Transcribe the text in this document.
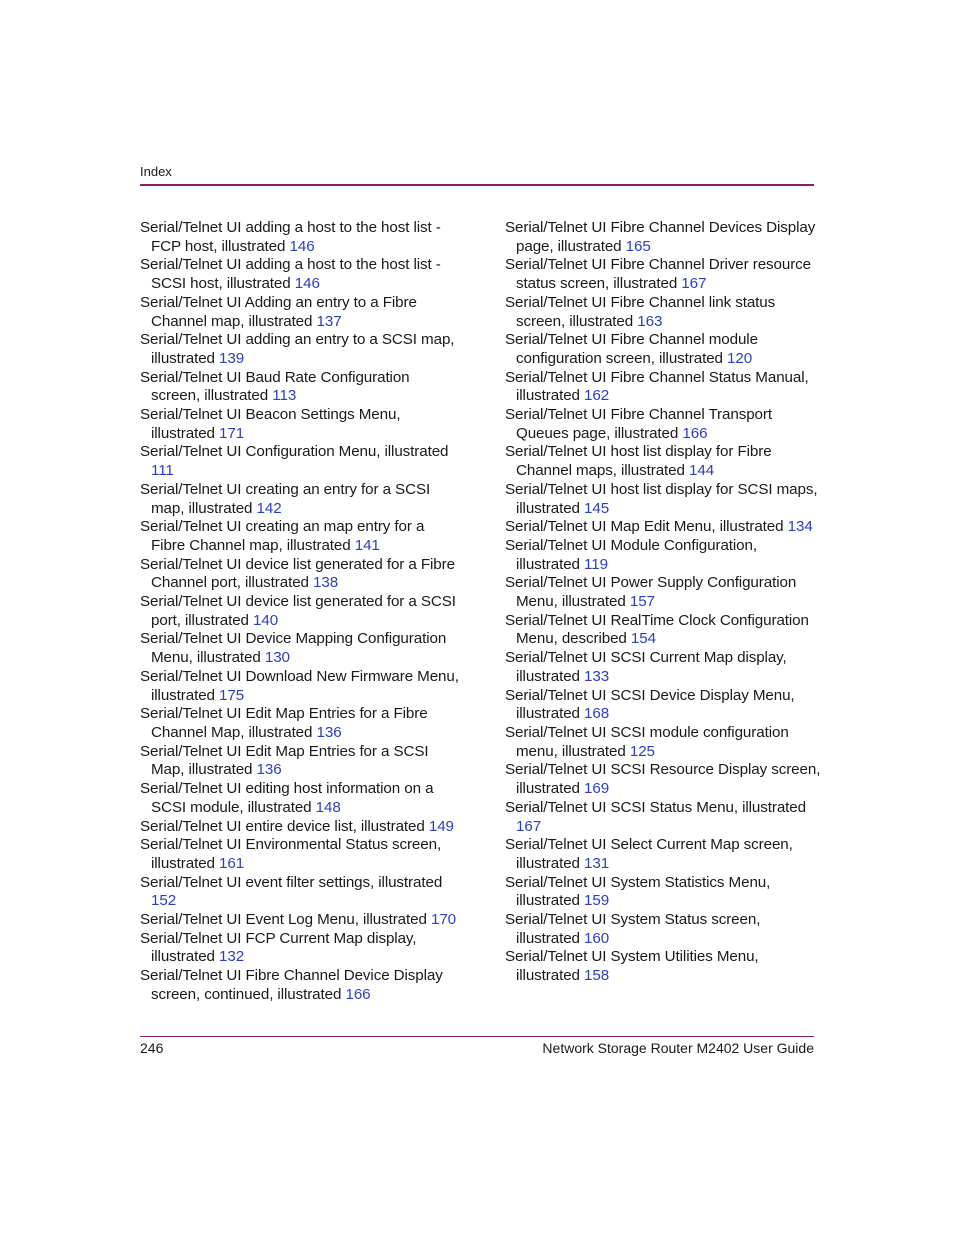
Index
Serial/Telnet UI adding a host to the host list - FCP host, illustrated 146
Serial/Telnet UI adding a host to the host list - SCSI host, illustrated 146
Serial/Telnet UI Adding an entry to a Fibre Channel map, illustrated 137
Serial/Telnet UI adding an entry to a SCSI map, illustrated 139
Serial/Telnet UI Baud Rate Configuration screen, illustrated 113
Serial/Telnet UI Beacon Settings Menu, illustrated 171
Serial/Telnet UI Configuration Menu, illustrated 111
Serial/Telnet UI creating an entry for a SCSI map, illustrated 142
Serial/Telnet UI creating an map entry for a Fibre Channel map, illustrated 141
Serial/Telnet UI device list generated for a Fibre Channel port, illustrated 138
Serial/Telnet UI device list generated for a SCSI port, illustrated 140
Serial/Telnet UI Device Mapping Configuration Menu, illustrated 130
Serial/Telnet UI Download New Firmware Menu, illustrated 175
Serial/Telnet UI Edit Map Entries for a Fibre Channel Map, illustrated 136
Serial/Telnet UI Edit Map Entries for a SCSI Map, illustrated 136
Serial/Telnet UI editing host information on a SCSI module, illustrated 148
Serial/Telnet UI entire device list, illustrated 149
Serial/Telnet UI Environmental Status screen, illustrated 161
Serial/Telnet UI event filter settings, illustrated 152
Serial/Telnet UI Event Log Menu, illustrated 170
Serial/Telnet UI FCP Current Map display, illustrated 132
Serial/Telnet UI Fibre Channel Device Display screen, continued, illustrated 166
Serial/Telnet UI Fibre Channel Devices Display page, illustrated 165
Serial/Telnet UI Fibre Channel Driver resource status screen, illustrated 167
Serial/Telnet UI Fibre Channel link status screen, illustrated 163
Serial/Telnet UI Fibre Channel module configuration screen, illustrated 120
Serial/Telnet UI Fibre Channel Status Manual, illustrated 162
Serial/Telnet UI Fibre Channel Transport Queues page, illustrated 166
Serial/Telnet UI host list display for Fibre Channel maps, illustrated 144
Serial/Telnet UI host list display for SCSI maps, illustrated 145
Serial/Telnet UI Map Edit Menu, illustrated 134
Serial/Telnet UI Module Configuration, illustrated 119
Serial/Telnet UI Power Supply Configuration Menu, illustrated 157
Serial/Telnet UI RealTime Clock Configuration Menu, described 154
Serial/Telnet UI SCSI Current Map display, illustrated 133
Serial/Telnet UI SCSI Device Display Menu, illustrated 168
Serial/Telnet UI SCSI module configuration menu, illustrated 125
Serial/Telnet UI SCSI Resource Display screen, illustrated 169
Serial/Telnet UI SCSI Status Menu, illustrated 167
Serial/Telnet UI Select Current Map screen, illustrated 131
Serial/Telnet UI System Statistics Menu, illustrated 159
Serial/Telnet UI System Status screen, illustrated 160
Serial/Telnet UI System Utilities Menu, illustrated 158
246	Network Storage Router M2402 User Guide
